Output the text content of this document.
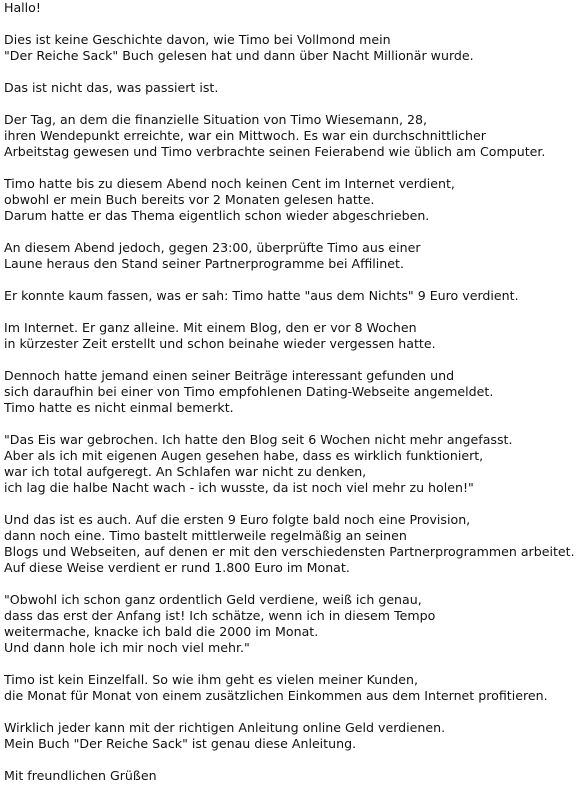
Hallo!

Dies ist keine Geschichte davon, wie Timo bei Vollmond mein
"Der Reiche Sack" Buch gelesen hat und dann über Nacht Millionär wurde.

Das ist nicht das, was passiert ist.

Der Tag, an dem die finanzielle Situation von Timo Wiesemann, 28,
ihren Wendepunkt erreichte, war ein Mittwoch. Es war ein durchschnittlicher
Arbeitstag gewesen und Timo verbrachte seinen Feierabend wie üblich am Computer.

Timo hatte bis zu diesem Abend noch keinen Cent im Internet verdient,
obwohl er mein Buch bereits vor 2 Monaten gelesen hatte.
Darum hatte er das Thema eigentlich schon wieder abgeschrieben.

An diesem Abend jedoch, gegen 23:00, überprüfte Timo aus einer
Laune heraus den Stand seiner Partnerprogramme bei Affilinet.

Er konnte kaum fassen, was er sah: Timo hatte "aus dem Nichts" 9 Euro verdient.

Im Internet. Er ganz alleine. Mit einem Blog, den er vor 8 Wochen
in kürzester Zeit erstellt und schon beinahe wieder vergessen hatte.

Dennoch hatte jemand einen seiner Beiträge interessant gefunden und
sich daraufhin bei einer von Timo empfohlenen Dating-Webseite angemeldet.
Timo hatte es nicht einmal bemerkt.

"Das Eis war gebrochen. Ich hatte den Blog seit 6 Wochen nicht mehr angefasst.
Aber als ich mit eigenen Augen gesehen habe, dass es wirklich funktioniert,
war ich total aufgeregt. An Schlafen war nicht zu denken,
ich lag die halbe Nacht wach - ich wusste, da ist noch viel mehr zu holen!"

Und das ist es auch. Auf die ersten 9 Euro folgte bald noch eine Provision,
dann noch eine. Timo bastelt mittlerweile regelmäßig an seinen
Blogs und Webseiten, auf denen er mit den verschiedensten Partnerprogrammen arbeitet.
Auf diese Weise verdient er rund 1.800 Euro im Monat.

"Obwohl ich schon ganz ordentlich Geld verdiene, weiß ich genau,
dass das erst der Anfang ist! Ich schätze, wenn ich in diesem Tempo
weitermache, knacke ich bald die 2000 im Monat.
Und dann hole ich mir noch viel mehr."

Timo ist kein Einzelfall. So wie ihm geht es vielen meiner Kunden,
die Monat für Monat von einem zusätzlichen Einkommen aus dem Internet profitieren.

Wirklich jeder kann mit der richtigen Anleitung online Geld verdienen.
Mein Buch "Der Reiche Sack" ist genau diese Anleitung.

Mit freundlichen Grüßen
